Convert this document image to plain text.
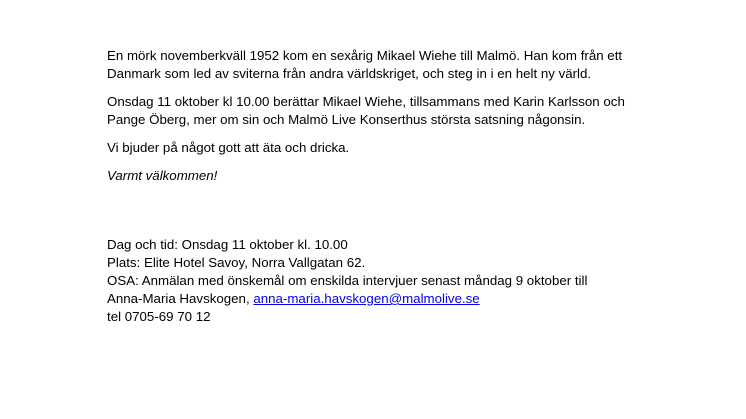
En mörk novemberkväll 1952 kom en sexårig Mikael Wiehe till Malmö. Han kom från ett
Danmark som led av sviterna från andra världskriget, och steg in i en helt ny värld.

Onsdag 11 oktober kl 10.00 berättar Mikael Wiehe, tillsammans med Karin Karlsson och
Pange Öberg, mer om sin och Malmö Live Konserthus största satsning någonsin.

Vi bjuder på något gott att äta och dricka.

Varmt välkommen!

Dag och tid: Onsdag 11 oktober kl. 10.00

Plats: Elite Hotel Savoy, Norra Vallgatan 62.

OSA: Anmälan med önskemål om enskilda intervjuer senast måndag 9 oktober till

Anna-Maria Havskogen, anna-maria.havskogen@malmolive.se

tel 0705-69 70 12
